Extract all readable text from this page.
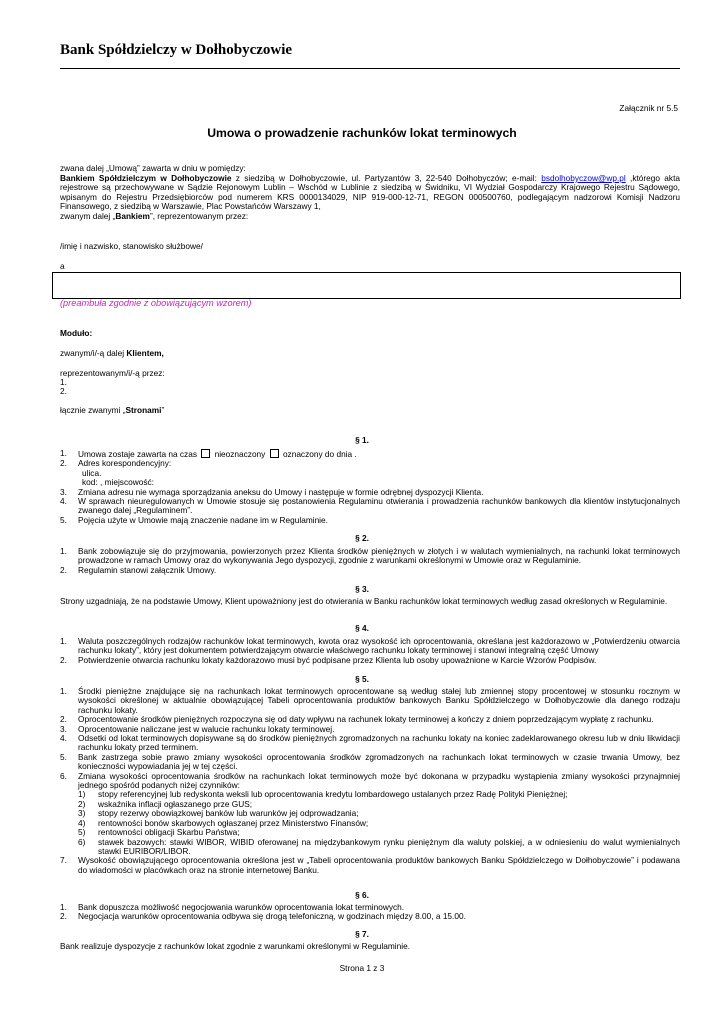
Bank Spółdzielczy w Dołhobyczowie
Załącznik nr 5.5
Umowa o prowadzenie rachunków lokat terminowych
zwana dalej „Umową” zawarta w dniu w pomiędzy:
Bankiem Spółdzielczym w Dołhobyczowie z siedzibą w Dołhobyczowie, ul. Partyzantów 3, 22-540 Dołhobyczów; e-mail: bsdolhobyczow@wp.pl ,którego akta rejestrowe są przechowywane w Sądzie Rejonowym Lublin – Wschód w Lublinie z siedzibą w Świdniku, VI Wydział Gospodarczy Krajowego Rejestru Sądowego, wpisanym do Rejestru Przedsiębiorców pod numerem KRS 0000134029, NIP 919-000-12-71, REGON 000500760, podlegającym nadzorowi Komisji Nadzoru Finansowego, z siedzibą w Warszawie, Plac Powstańców Warszawy 1,
zwanym dalej „Bankiem”, reprezentowanym przez:
/imię i nazwisko, stanowisko służbowe/
a
(preambuła zgodnie z obowiązującym wzorem)
Moduło:
zwanym/i/-ą dalej Klientem,
reprezentowanym/i/-ą przez:
1.
2.
łącznie zwanymi „Stronami”
§ 1.
1. Umowa zostaje zawarta na czas  nieoznaczony  oznaczony do dnia .
2. Adres korespondencyjny:
ulica.
kod: , miejscowość:
3. Zmiana adresu nie wymaga sporządzania aneksu do Umowy i następuje w formie odrębnej dyspozycji Klienta.
4. W sprawach nieuregulowanych w Umowie stosuje się postanowienia Regulaminu otwierania i prowadzenia rachunków bankowych dla klientów instytucjonalnych zwanego dalej „Regulaminem”.
5. Pojęcia użyte w Umowie mają znaczenie nadane im w Regulaminie.
§ 2.
1. Bank zobowiązuje się do przyjmowania, powierzonych przez Klienta środków pieniężnych w złotych i w walutach wymienialnych, na rachunki lokat terminowych prowadzone w ramach Umowy oraz do wykonywania Jego dyspozycji, zgodnie z warunkami określonymi w Umowie oraz w Regulaminie.
2. Regulamin stanowi załącznik Umowy.
§ 3.
Strony uzgadniają, że na podstawie Umowy, Klient upoważniony jest do otwierania w Banku rachunków lokat terminowych według zasad określonych w Regulaminie.
§ 4.
1. Waluta poszczególnych rodzajów rachunków lokat terminowych, kwota oraz wysokość ich oprocentowania, określana jest każdorazowo w „Potwierdzeniu otwarcia rachunku lokaty”, który jest dokumentem potwierdzającym otwarcie właściwego rachunku lokaty terminowej i stanowi integralną część Umowy
2. Potwierdzenie otwarcia rachunku lokaty każdorazowo musi być podpisane przez Klienta lub osoby upoważnione w Karcie Wzorów Podpisów.
§ 5.
1. Środki pieniężne znajdujące się na rachunkach lokat terminowych oprocentowane są według stałej lub zmiennej stopy procentowej w stosunku rocznym w wysokości określonej w aktualnie obowiązującej Tabeli oprocentowania produktów bankowych Banku Spółdzielczego w Dołhobyczowie dla danego rodzaju rachunku lokaty.
2. Oprocentowanie środków pieniężnych rozpoczyna się od daty wpływu na rachunek lokaty terminowej a kończy z dniem poprzedzającym wypłatę z rachunku.
3. Oprocentowanie naliczane jest w walucie rachunku lokaty terminowej.
4. Odsetki od lokat terminowych dopisywane są do środków pieniężnych zgromadzonych na rachunku lokaty na koniec zadeklarowanego okresu lub w dniu likwidacji rachunku lokaty przed terminem.
5. Bank zastrzega sobie prawo zmiany wysokości oprocentowania środków zgromadzonych na rachunkach lokat terminowych w czasie trwania Umowy, bez konieczności wypowiadania jej w tej części.
6. Zmiana wysokości oprocentowania środków na rachunkach lokat terminowych może być dokonana w przypadku wystąpienia zmiany wysokości przynajmniej jednego spośród podanych niżej czynników:
1) stopy referencyjnej lub redyskonta weksli lub oprocentowania kredytu lombardowego ustalanych przez Radę Polityki Pieniężnej;
2) wskaźnika inflacji ogłaszanego prze GUS;
3) stopy rezerwy obowiązkowej banków lub warunków jej odprowadzania;
4) rentowności bonów skarbowych ogłaszanej przez Ministerstwo Finansów;
5) rentowności obligacji Skarbu Państwa;
6) stawek bazowych: stawki WIBOR, WIBID oferowanej na międzybankowym rynku pieniężnym dla waluty polskiej, a w odniesieniu do walut wymienialnych stawki EURIBOR/LIBOR.
7. Wysokość obowiązującego oprocentowania określona jest w „Tabeli oprocentowania produktów bankowych Banku Spółdzielczego w Dołhobyczowie” i podawana do wiadomości w placówkach oraz na stronie internetowej Banku.
§ 6.
1. Bank dopuszcza możliwość negocjowania warunków oprocentowania lokat terminowych.
2. Negocjacja warunków oprocentowania odbywa się drogą telefoniczną, w godzinach między 8.00, a 15.00.
§ 7.
Bank realizuje dyspozycje z rachunków lokat zgodnie z warunkami określonymi w Regulaminie.
Strona 1 z 3
